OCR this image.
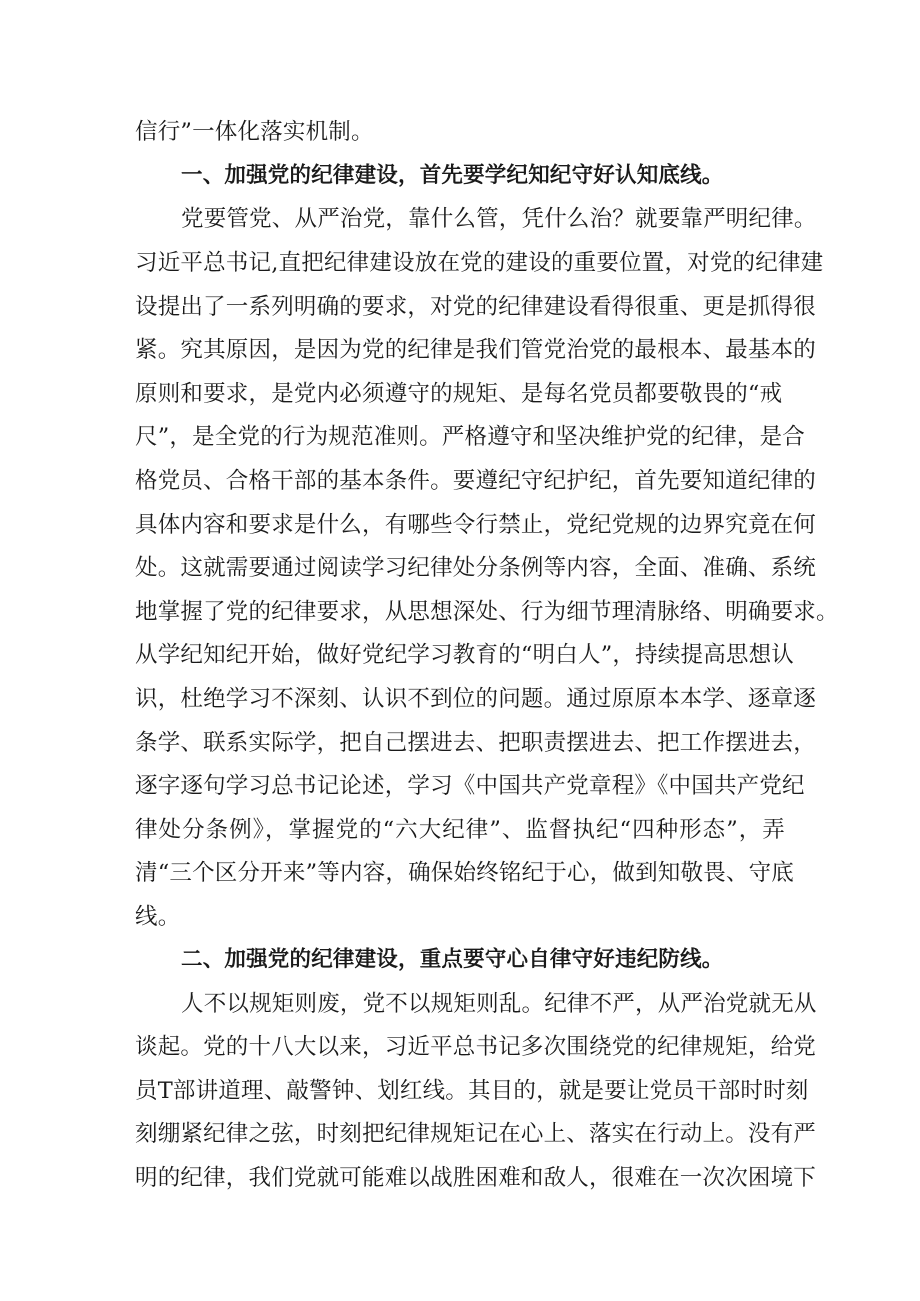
信行”一体化落实机制。
一、加强党的纪律建设，首先要学纪知纪守好认知底线。
党要管党、从严治党，靠什么管，凭什么治？就要靠严明纪律。
习近平总书记,直把纪律建设放在党的建设的重要位置，对党的纪律建
设提出了一系列明确的要求，对党的纪律建设看得很重、更是抓得很
紧。究其原因，是因为党的纪律是我们管党治党的最根本、最基本的
原则和要求，是党内必须遵守的规矩、是每名党员都要敬畏的“戒
尺”，是全党的行为规范准则。严格遵守和坚决维护党的纪律，是合
格党员、合格干部的基本条件。要遵纪守纪护纪，首先要知道纪律的
具体内容和要求是什么，有哪些令行禁止，党纪党规的边界究竟在何
处。这就需要通过阅读学习纪律处分条例等内容，全面、准确、系统
地掌握了党的纪律要求，从思想深处、行为细节理清脉络、明确要求。
从学纪知纪开始，做好党纪学习教育的“明白人”，持续提高思想认
识，杜绝学习不深刻、认识不到位的问题。通过原原本本学、逐章逐
条学、联系实际学，把自己摆进去、把职责摆进去、把工作摆进去，
逐字逐句学习总书记论述，学习《中国共产党章程》《中国共产党纪
律处分条例》，掌握党的“六大纪律”、监督执纪“四种形态”，弄
清“三个区分开来”等内容，确保始终铭纪于心，做到知敬畏、守底
线。
二、加强党的纪律建设，重点要守心自律守好违纪防线。
人不以规矩则废，党不以规矩则乱。纪律不严，从严治党就无从
谈起。党的十八大以来，习近平总书记多次围绕党的纪律规矩，给党
员T部讲道理、敲警钟、划红线。其目的，就是要让党员干部时时刻
刻绷紧纪律之弦，时刻把纪律规矩记在心上、落实在行动上。没有严
明的纪律，我们党就可能难以战胜困难和敌人，很难在一次次困境下
